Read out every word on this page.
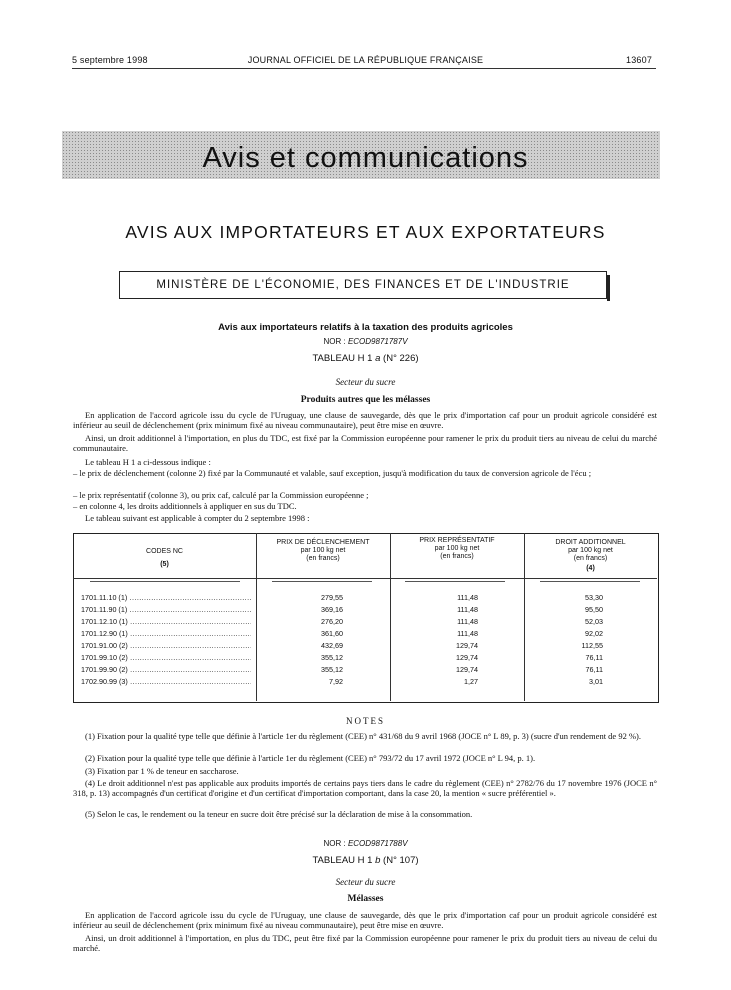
5 septembre 1998	JOURNAL OFFICIEL DE LA RÉPUBLIQUE FRANÇAISE	13607
Avis et communications
AVIS AUX IMPORTATEURS ET AUX EXPORTATEURS
MINISTÈRE DE L'ÉCONOMIE, DES FINANCES ET DE L'INDUSTRIE
Avis aux importateurs relatifs à la taxation des produits agricoles
NOR : ECOD9871787V
TABLEAU H 1 a (N° 226)
Secteur du sucre
Produits autres que les mélasses
En application de l'accord agricole issu du cycle de l'Uruguay, une clause de sauvegarde, dès que le prix d'importation caf pour un produit agricole considéré est inférieur au seuil de déclenchement (prix minimum fixé au niveau communautaire), peut être mise en œuvre.
Ainsi, un droit additionnel à l'importation, en plus du TDC, est fixé par la Commission européenne pour ramener le prix du produit tiers au niveau de celui du marché communautaire.
Le tableau H 1 a ci-dessous indique :
– le prix de déclenchement (colonne 2) fixé par la Communauté et valable, sauf exception, jusqu'à modification du taux de conversion agricole de l'écu ;
– le prix représentatif (colonne 3), ou prix caf, calculé par la Commission européenne ;
– en colonne 4, les droits additionnels à appliquer en sus du TDC.
Le tableau suivant est applicable à compter du 2 septembre 1998 :
CODES NC
(5)
PRIX DE DÉCLENCHEMENT
par 100 kg net
(en francs)
PRIX REPRÉSENTATIF
par 100 kg net
(en francs)
DROIT ADDITIONNEL
par 100 kg net
(en francs)
(4)
1701.11.10 (1) .....	279,55	111,48	53,30
1701.11.90 (1) .....	369,16	111,48	95,50
1701.12.10 (1) .....	276,20	111,48	52,03
1701.12.90 (1) .....	361,60	111,48	92,02
1701.91.00 (2) .....	432,69	129,74	112,55
1701.99.10 (2) .....	355,12	129,74	76,11
1701.99.90 (2) .....	355,12	129,74	76,11
1702.90.99 (3) .....	7,92	1,27	3,01
NOTES
(1) Fixation pour la qualité type telle que définie à l'article 1er du règlement (CEE) n° 431/68 du 9 avril 1968 (JOCE n° L 89, p. 3) (sucre d'un rendement de 92 %).
(2) Fixation pour la qualité type telle que définie à l'article 1er du règlement (CEE) n° 793/72 du 17 avril 1972 (JOCE n° L 94, p. 1).
(3) Fixation par 1 % de teneur en saccharose.
(4) Le droit additionnel n'est pas applicable aux produits importés de certains pays tiers dans le cadre du règlement (CEE) n° 2782/76 du 17 novembre 1976 (JOCE n° 318, p. 13) accompagnés d'un certificat d'origine et d'un certificat d'importation comportant, dans la case 20, la mention « sucre préférentiel ».
(5) Selon le cas, le rendement ou la teneur en sucre doit être précisé sur la déclaration de mise à la consommation.
NOR : ECOD9871788V
TABLEAU H 1 b (N° 107)
Secteur du sucre
Mélasses
En application de l'accord agricole issu du cycle de l'Uruguay, une clause de sauvegarde, dès que le prix d'importation caf pour un produit agricole considéré est inférieur au seuil de déclenchement (prix minimum fixé au niveau communautaire), peut être mise en œuvre.
Ainsi, un droit additionnel à l'importation, en plus du TDC, peut être fixé par la Commission européenne pour ramener le prix du produit tiers au niveau de celui du marché.
